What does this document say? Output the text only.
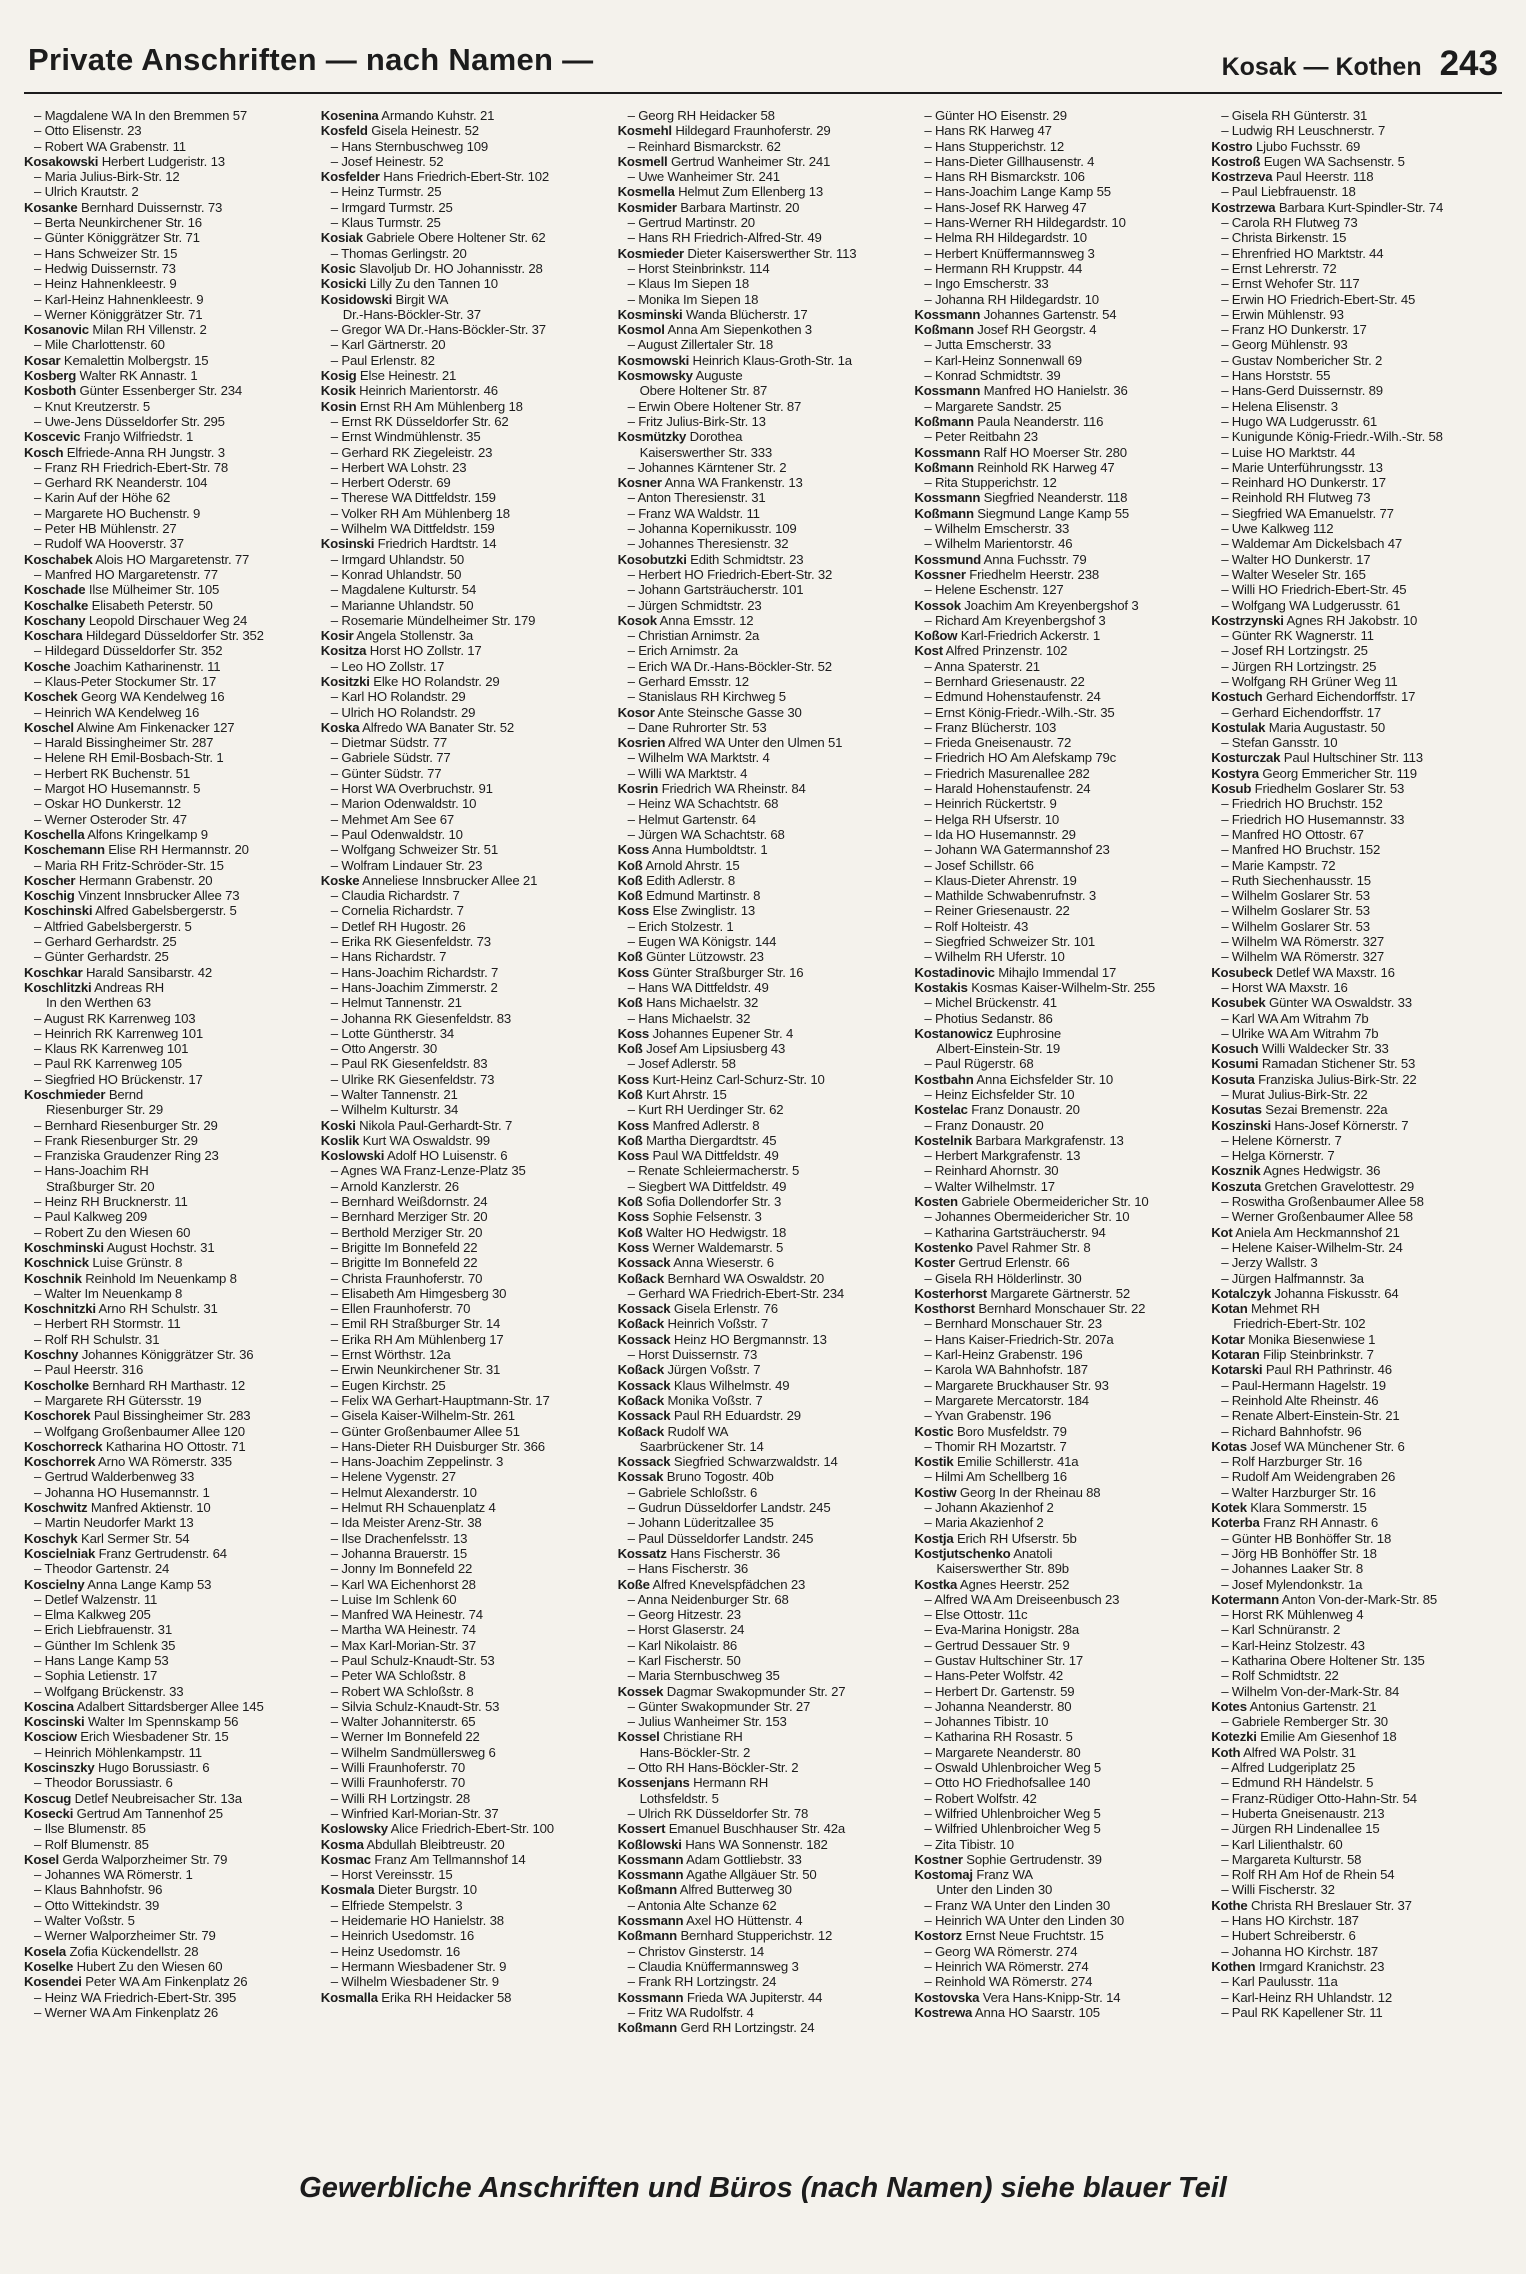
Private Anschriften — nach Namen —	Kosak — Kothen 243
– Magdalene WA In den Bremmen 57
– Otto Elisenstr. 23
– Robert WA Grabenstr. 11
Kosakowski Herbert Ludgeristr. 13
– Maria Julius-Birk-Str. 12
– Ulrich Krautstr. 2
Kosanke Bernhard Duissernstr. 73
– Berta Neunkirchener Str. 16
– Günter Königgrätzer Str. 71
– Hans Schweizer Str. 15
– Hedwig Duissernstr. 73
– Heinz Hahnenkleestr. 9
– Karl-Heinz Hahnenkleestr. 9
– Werner Königgrätzer Str. 71
Kosanovic Milan RH Villenstr. 2
– Mile Charlottenstr. 60
Kosar Kemalettin Molbergstr. 15
Kosberg Walter RK Annastr. 1
Kosboth Günter Essenberger Str. 234
– Knut Kreutzerstr. 5
– Uwe-Jens Düsseldorfer Str. 295
Koscevic Franjo Wilfriedstr. 1
Kosch Elfriede-Anna RH Jungstr. 3
– Franz RH Friedrich-Ebert-Str. 78
– Gerhard RK Neanderstr. 104
– Karin Auf der Höhe 62
– Margarete HO Buchenstr. 9
– Peter HB Mühlenstr. 27
– Rudolf WA Hooverstr. 37
Koschabek Alois HO Margaretenstr. 77
– Manfred HO Margaretenstr. 77
Koschade Ilse Mülheimer Str. 105
Koschalke Elisabeth Peterstr. 50
Koschany Leopold Dirschauer Weg 24
Koschara Hildegard Düsseldorfer Str. 352
– Hildegard Düsseldorfer Str. 352
Kosche Joachim Katharinenstr. 11
– Klaus-Peter Stockumer Str. 17
Koschek Georg WA Kendelweg 16
– Heinrich WA Kendelweg 16
Koschel Alwine Am Finkenacker 127
– Harald Bissingheimer Str. 287
– Helene RH Emil-Bosbach-Str. 1
– Herbert RK Buchenstr. 51
– Margot HO Husemannstr. 5
– Oskar HO Dunkerstr. 12
– Werner Osteroder Str. 47
Koschella Alfons Kringelkamp 9
Koschemann Elise RH Hermannstr. 20
– Maria RH Fritz-Schröder-Str. 15
Koscher Hermann Grabenstr. 20
Koschig Vinzent Innsbrucker Allee 73
Koschinski Alfred Gabelsbergerstr. 5
– Altfried Gabelsbergerstr. 5
– Gerhard Gerhardstr. 25
– Günter Gerhardstr. 25
Koschkar Harald Sansibarstr. 42
Koschlitzki Andreas RH
In den Werthen 63
– August RK Karrenweg 103
– Heinrich RK Karrenweg 101
– Klaus RK Karrenweg 101
– Paul RK Karrenweg 105
– Siegfried HO Brückenstr. 17
Koschmieder Bernd
Riesenburger Str. 29
– Bernhard Riesenburger Str. 29
– Frank Riesenburger Str. 29
– Franziska Graudenzer Ring 23
– Hans-Joachim RH
Straßburger Str. 20
– Heinz RH Brucknerstr. 11
– Paul Kalkweg 209
– Robert Zu den Wiesen 60
Koschminski August Hochstr. 31
Koschnick Luise Grünstr. 8
Koschnik Reinhold Im Neuenkamp 8
– Walter Im Neuenkamp 8
Koschnitzki Arno RH Schulstr. 31
– Herbert RH Stormstr. 11
– Rolf RH Schulstr. 31
Koschny Johannes Königgrätzer Str. 36
– Paul Heerstr. 316
Koscholke Bernhard RH Marthastr. 12
– Margarete RH Gütersstr. 19
Koschorek Paul Bissingheimer Str. 283
– Wolfgang Großenbaumer Allee 120
Koschorreck Katharina HO Ottostr. 71
Koschorrek Arno WA Römerstr. 335
– Gertrud Walderbenweg 33
– Johanna HO Husemannstr. 1
Koschwitz Manfred Aktienstr. 10
– Martin Neudorfer Markt 13
Koschyk Karl Sermer Str. 54
Koscielniak Franz Gertrudenstr. 64
– Theodor Gartenstr. 24
Koscielny Anna Lange Kamp 53
– Detlef Walzenstr. 11
– Elma Kalkweg 205
– Erich Liebfrauenstr. 31
– Günther Im Schlenk 35
– Hans Lange Kamp 53
– Sophia Letienstr. 17
– Wolfgang Brückenstr. 33
Koscina Adalbert Sittardsberger Allee 145
Koscinski Walter Im Spennskamp 56
Kosciow Erich Wiesbadener Str. 15
– Heinrich Möhlenkampstr. 11
Koscinszky Hugo Borussiastr. 6
– Theodor Borussiastr. 6
Koscug Detlef Neubreisacher Str. 13a
Kosecki Gertrud Am Tannenhof 25
– Ilse Blumenstr. 85
– Rolf Blumenstr. 85
Kosel Gerda Walporzheimer Str. 79
– Johannes WA Römerstr. 1
– Klaus Bahnhofstr. 96
– Otto Wittekindstr. 39
– Walter Voßstr. 5
– Werner Walporzheimer Str. 79
Kosela Zofia Kückendellstr. 28
Koselke Hubert Zu den Wiesen 60
Kosendei Peter WA Am Finkenplatz 26
– Heinz WA Friedrich-Ebert-Str. 395
– Werner WA Am Finkenplatz 26
Kosenina Armando Kuhstr. 21
Kosfeld Gisela Heinestr. 52
– Hans Sternbuschweg 109
– Josef Heinestr. 52
Kosfelder Hans Friedrich-Ebert-Str. 102
– Heinz Turmstr. 25
– Irmgard Turmstr. 25
– Klaus Turmstr. 25
Kosiak Gabriele Obere Holtener Str. 62
– Thomas Gerlingstr. 20
Kosic Slavoljub Dr. HO Johannisstr. 28
Kosicki Lilly Zu den Tannen 10
Kosidowski Birgit WA
Dr.-Hans-Böckler-Str. 37
– Gregor WA Dr.-Hans-Böckler-Str. 37
– Karl Gärtnerstr. 20
– Paul Erlenstr. 82
Kosig Else Heinestr. 21
Kosik Heinrich Marientorstr. 46
Kosin Ernst RH Am Mühlenberg 18
– Ernst RK Düsseldorfer Str. 62
– Ernst Windmühlenstr. 35
– Gerhard RK Ziegeleistr. 23
– Herbert WA Lohstr. 23
– Herbert Oderstr. 69
– Therese WA Dittfeldstr. 159
– Volker RH Am Mühlenberg 18
– Wilhelm WA Dittfeldstr. 159
Kosinski Friedrich Hardtstr. 14
– Irmgard Uhlandstr. 50
– Konrad Uhlandstr. 50
– Magdalene Kulturstr. 54
– Marianne Uhlandstr. 50
– Rosemarie Mündelheimer Str. 179
Kosir Angela Stollenstr. 3a
Kositza Horst HO Zollstr. 17
– Leo HO Zollstr. 17
Kositzki Elke HO Rolandstr. 29
– Karl HO Rolandstr. 29
– Ulrich HO Rolandstr. 29
Koska Alfredo WA Banater Str. 52
– Dietmar Südstr. 77
– Gabriele Südstr. 77
– Günter Südstr. 77
– Horst WA Overbruchstr. 91
– Marion Odenwaldstr. 10
– Mehmet Am See 67
– Paul Odenwaldstr. 10
– Wolfgang Schweizer Str. 51
– Wolfram Lindauer Str. 23
Koske Anneliese Innsbrucker Allee 21
– Claudia Richardstr. 7
– Cornelia Richardstr. 7
– Detlef RH Hugostr. 26
– Erika RK Giesenfeldstr. 73
– Hans Richardstr. 7
– Hans-Joachim Richardstr. 7
– Hans-Joachim Zimmerstr. 2
– Helmut Tannenstr. 21
– Johanna RK Giesenfeldstr. 83
– Lotte Güntherstr. 34
– Otto Angerstr. 30
– Paul RK Giesenfeldstr. 83
– Ulrike RK Giesenfeldstr. 73
– Walter Tannenstr. 21
– Wilhelm Kulturstr. 34
Koski Nikola Paul-Gerhardt-Str. 7
Koslik Kurt WA Oswaldstr. 99
Koslowski Adolf HO Luisenstr. 6
– Agnes WA Franz-Lenze-Platz 35
– Arnold Kanzlerstr. 26
– Bernhard Weißdornstr. 24
– Bernhard Merziger Str. 20
– Berthold Merziger Str. 20
– Brigitte Im Bonnefeld 22
– Brigitte Im Bonnefeld 22
– Christa Fraunhoferstr. 70
– Elisabeth Am Himgesberg 30
– Ellen Fraunhoferstr. 70
– Emil RH Straßburger Str. 14
– Erika RH Am Mühlenberg 17
– Ernst Wörthstr. 12a
– Erwin Neunkirchener Str. 31
– Eugen Kirchstr. 25
– Felix WA Gerhart-Hauptmann-Str. 17
– Gisela Kaiser-Wilhelm-Str. 261
– Günter Großenbaumer Allee 51
– Hans-Dieter RH Duisburger Str. 366
– Hans-Joachim Zeppelinstr. 3
– Helene Vygenstr. 27
– Helmut Alexanderstr. 10
– Helmut RH Schauenplatz 4
– Ida Meister Arenz-Str. 38
– Ilse Drachenfelsstr. 13
– Johanna Brauerstr. 15
– Jonny Im Bonnefeld 22
– Karl WA Eichenhorst 28
– Luise Im Schlenk 60
– Manfred WA Heinestr. 74
– Martha WA Heinestr. 74
– Max Karl-Morian-Str. 37
– Paul Schulz-Knaudt-Str. 53
– Peter WA Schloßstr. 8
– Robert WA Schloßstr. 8
– Silvia Schulz-Knaudt-Str. 53
– Walter Johanniterstr. 65
– Werner Im Bonnefeld 22
– Wilhelm Sandmüllersweg 6
– Willi Fraunhoferstr. 70
– Willi Fraunhoferstr. 70
– Willi RH Lortzingstr. 28
– Winfried Karl-Morian-Str. 37
Koslowsky Alice Friedrich-Ebert-Str. 100
Kosma Abdullah Bleibtreustr. 20
Kosmac Franz Am Tellmannshof 14
– Horst Vereinsstr. 15
Kosmala Dieter Burgstr. 10
– Elfriede Stempelstr. 3
– Heidemarie HO Hanielstr. 38
– Heinrich Usedomstr. 16
– Heinz Usedomstr. 16
– Hermann Wiesbadener Str. 9
– Wilhelm Wiesbadener Str. 9
Kosmalla Erika RH Heidacker 58
– Georg RH Heidacker 58
Kosmehl Hildegard Fraunhoferstr. 29
– Reinhard Bismarckstr. 62
Kosmell Gertrud Wanheimer Str. 241
– Uwe Wanheimer Str. 241
Kosmella Helmut Zum Ellenberg 13
Kosmider Barbara Martinstr. 20
– Gertrud Martinstr. 20
– Hans RH Friedrich-Alfred-Str. 49
Kosmieder Dieter Kaiserswerther Str. 113
– Horst Steinbrinkstr. 114
– Klaus Im Siepen 18
– Monika Im Siepen 18
Kosminski Wanda Blücherstr. 17
Kosmol Anna Am Siepenkothen 3
– August Zillertaler Str. 18
Kosmowski Heinrich Klaus-Groth-Str. 1a
Kosmowsky Auguste
Obere Holtener Str. 87
– Erwin Obere Holtener Str. 87
– Fritz Julius-Birk-Str. 13
Kosmützky Dorothea
Kaiserswerther Str. 333
– Johannes Kärntener Str. 2
Kosner Anna WA Frankenstr. 13
– Anton Theresienstr. 31
– Franz WA Waldstr. 11
– Johanna Kopernikusstr. 109
– Johannes Theresienstr. 32
Kosobutzki Edith Schmidtstr. 23
– Herbert HO Friedrich-Ebert-Str. 32
– Johann Gartsträucherstr. 101
– Jürgen Schmidtstr. 23
Kosok Anna Emsstr. 12
– Christian Arnimstr. 2a
– Erich Arnimstr. 2a
– Erich WA Dr.-Hans-Böckler-Str. 52
– Gerhard Emsstr. 12
– Stanislaus RH Kirchweg 5
Kosor Ante Steinsche Gasse 30
– Dane Ruhrorter Str. 53
Kosrien Alfred WA Unter den Ulmen 51
– Wilhelm WA Marktstr. 4
– Willi WA Marktstr. 4
Kosrin Friedrich WA Rheinstr. 84
– Heinz WA Schachtstr. 68
– Helmut Gartenstr. 64
– Jürgen WA Schachtstr. 68
Koss Anna Humboldtstr. 1
Koß Arnold Ahrstr. 15
Koß Edith Adlerstr. 8
Koß Edmund Martinstr. 8
Koss Else Zwinglistr. 13
– Erich Stolzestr. 1
– Eugen WA Königstr. 144
Koß Günter Lützowstr. 23
Koss Günter Straßburger Str. 16
– Hans WA Dittfeldstr. 49
Koß Hans Michaelstr. 32
– Hans Michaelstr. 32
Koss Johannes Eupener Str. 4
Koß Josef Am Lipsiusberg 43
– Josef Adlerstr. 58
Koss Kurt-Heinz Carl-Schurz-Str. 10
Koß Kurt Ahrstr. 15
– Kurt RH Uerdinger Str. 62
Koss Manfred Adlerstr. 8
Koß Martha Diergardtstr. 45
Koss Paul WA Dittfeldstr. 49
– Renate Schleiermacherstr. 5
– Siegbert WA Dittfeldstr. 49
Koß Sofia Dollendorfer Str. 3
Koss Sophie Felsenstr. 3
Koß Walter HO Hedwigstr. 18
Koss Werner Waldemarstr. 5
Kossack Anna Wieserstr. 6
Koßack Bernhard WA Oswaldstr. 20
– Gerhard WA Friedrich-Ebert-Str. 234
Kossack Gisela Erlenstr. 76
Koßack Heinrich Voßstr. 7
Kossack Heinz HO Bergmannstr. 13
– Horst Duissernstr. 73
Koßack Jürgen Voßstr. 7
Kossack Klaus Wilhelmstr. 49
Koßack Monika Voßstr. 7
Kossack Paul RH Eduardstr. 29
Koßack Rudolf WA
Saarbrückener Str. 14
Kossack Siegfried Schwarzwaldstr. 14
Kossak Bruno Togostr. 40b
– Gabriele Schloßstr. 6
– Gudrun Düsseldorfer Landstr. 245
– Johann Lüderitzallee 35
– Paul Düsseldorfer Landstr. 245
Kossatz Hans Fischerstr. 36
– Hans Fischerstr. 36
Koße Alfred Knevelspfädchen 23
– Anna Neidenburger Str. 68
– Georg Hitzestr. 23
– Horst Glaserstr. 24
– Karl Nikolaistr. 86
– Karl Fischerstr. 50
– Maria Sternbuschweg 35
Kossek Dagmar Swakopmunder Str. 27
– Günter Swakopmunder Str. 27
– Julius Wanheimer Str. 153
Kossel Christiane RH
Hans-Böckler-Str. 2
– Otto RH Hans-Böckler-Str. 2
Kossenjans Hermann RH
Lothsfeldstr. 5
– Ulrich RK Düsseldorfer Str. 78
Kossert Emanuel Buschhauser Str. 42a
Koßlowski Hans WA Sonnenstr. 182
Kossmann Adam Gottliebstr. 33
Kossmann Agathe Allgäuer Str. 50
Koßmann Alfred Butterweg 30
– Antonia Alte Schanze 62
Kossmann Axel HO Hüttenstr. 4
Koßmann Bernhard Stupperichstr. 12
– Christov Ginsterstr. 14
– Claudia Knüffermannsweg 3
– Frank RH Lortzingstr. 24
Kossmann Frieda WA Jupiterstr. 44
– Fritz WA Rudolfstr. 4
Koßmann Gerd RH Lortzingstr. 24
– Günter HO Eisenstr. 29
– Hans RK Harweg 47
– Hans Stupperichstr. 12
– Hans-Dieter Gillhausenstr. 4
– Hans RH Bismarckstr. 106
– Hans-Joachim Lange Kamp 55
– Hans-Josef RK Harweg 47
– Hans-Werner RH Hildegardstr. 10
– Helma RH Hildegardstr. 10
– Herbert Knüffermannsweg 3
– Hermann RH Kruppstr. 44
– Ingo Emscherstr. 33
– Johanna RH Hildegardstr. 10
Kossmann Johannes Gartenstr. 54
Koßmann Josef RH Georgstr. 4
– Jutta Emscherstr. 33
– Karl-Heinz Sonnenwall 69
– Konrad Schmidtstr. 39
Kossmann Manfred HO Hanielstr. 36
– Margarete Sandstr. 25
Koßmann Paula Neanderstr. 116
– Peter Reitbahn 23
Kossmann Ralf HO Moerser Str. 280
Koßmann Reinhold RK Harweg 47
– Rita Stupperichstr. 12
Kossmann Siegfried Neanderstr. 118
Koßmann Siegmund Lange Kamp 55
– Wilhelm Emscherstr. 33
– Wilhelm Marientorstr. 46
Kossmund Anna Fuchsstr. 79
Kossner Friedhelm Heerstr. 238
– Helene Eschenstr. 127
Kossok Joachim Am Kreyenbergshof 3
– Richard Am Kreyenbergshof 3
Koßow Karl-Friedrich Ackerstr. 1
Kost Alfred Prinzenstr. 102
– Anna Spaterstr. 21
– Bernhard Griesenaustr. 22
– Edmund Hohenstaufenstr. 24
– Ernst König-Friedr.-Wilh.-Str. 35
– Franz Blücherstr. 103
– Frieda Gneisenaustr. 72
– Friedrich HO Am Alefskamp 79c
– Friedrich Masurenallee 282
– Harald Hohenstaufenstr. 24
– Heinrich Rückertstr. 9
– Helga RH Ufserstr. 10
– Ida HO Husemannstr. 29
– Johann WA Gatermannshof 23
– Josef Schillstr. 66
– Klaus-Dieter Ahrenstr. 19
– Mathilde Schwabenrufnstr. 3
– Reiner Griesenaustr. 22
– Rolf Holteistr. 43
– Siegfried Schweizer Str. 101
– Wilhelm RH Uferstr. 10
Kostadinovic Mihajlo Immendal 17
Kostakis Kosmas Kaiser-Wilhelm-Str. 255
– Michel Brückenstr. 41
– Photius Sedanstr. 86
Kostanowicz Euphrosine
Albert-Einstein-Str. 19
– Paul Rügerstr. 68
Kostbahn Anna Eichsfelder Str. 10
– Heinz Eichsfelder Str. 10
Kostelac Franz Donaustr. 20
– Franz Donaustr. 20
Kostelnik Barbara Markgrafenstr. 13
– Herbert Markgrafenstr. 13
– Reinhard Ahornstr. 30
– Walter Wilhelmstr. 17
Kosten Gabriele Obermeidericher Str. 10
– Johannes Obermeidericher Str. 10
– Katharina Gartsträucherstr. 94
Kostenko Pavel Rahmer Str. 8
Koster Gertrud Erlenstr. 66
– Gisela RH Hölderlinstr. 30
Kosterhorst Margarete Gärtnerstr. 52
Kosthorst Bernhard Monschauer Str. 22
– Bernhard Monschauer Str. 23
– Hans Kaiser-Friedrich-Str. 207a
– Karl-Heinz Grabenstr. 196
– Karola WA Bahnhofstr. 187
– Margarete Bruckhauser Str. 93
– Margarete Mercatorstr. 184
– Yvan Grabenstr. 196
Kostic Boro Musfeldstr. 79
– Thomir RH Mozartstr. 7
Kostik Emilie Schillerstr. 41a
– Hilmi Am Schellberg 16
Kostiw Georg In der Rheinau 88
– Johann Akazienhof 2
– Maria Akazienhof 2
Kostja Erich RH Ufserstr. 5b
Kostjutschenko Anatoli
Kaiserswerther Str. 89b
Kostka Agnes Heerstr. 252
– Alfred WA Am Dreiseenbusch 23
– Else Ottostr. 11c
– Eva-Marina Honigstr. 28a
– Gertrud Dessauer Str. 9
– Gustav Hultschiner Str. 17
– Hans-Peter Wolfstr. 42
– Herbert Dr. Gartenstr. 59
– Johanna Neanderstr. 80
– Johannes Tibistr. 10
– Katharina RH Rosastr. 5
– Margarete Neanderstr. 80
– Oswald Uhlenbroicher Weg 5
– Otto HO Friedhofsallee 140
– Robert Wolfstr. 42
– Wilfried Uhlenbroicher Weg 5
– Wilfried Uhlenbroicher Weg 5
– Zita Tibistr. 10
Kostner Sophie Gertrudenstr. 39
Kostomaj Franz WA
Unter den Linden 30
– Franz WA Unter den Linden 30
– Heinrich WA Unter den Linden 30
Kostorz Ernst Neue Fruchtstr. 15
– Georg WA Römerstr. 274
– Heinrich WA Römerstr. 274
– Reinhold WA Römerstr. 274
Kostovska Vera Hans-Knipp-Str. 14
Kostrewa Anna HO Saarstr. 105
– Gisela RH Günterstr. 31
– Ludwig RH Leuschnerstr. 7
Kostro Ljubo Fuchsstr. 69
Kostroß Eugen WA Sachsenstr. 5
Kostrzeva Paul Heerstr. 118
– Paul Liebfrauenstr. 18
Kostrzewa Barbara Kurt-Spindler-Str. 74
– Carola RH Flutweg 73
– Christa Birkenstr. 15
– Ehrenfried HO Marktstr. 44
– Ernst Lehrerstr. 72
– Ernst Wehofer Str. 117
– Erwin HO Friedrich-Ebert-Str. 45
– Erwin Mühlenstr. 93
– Franz HO Dunkerstr. 17
– Georg Mühlenstr. 93
– Gustav Nombericher Str. 2
– Hans Horststr. 55
– Hans-Gerd Duissernstr. 89
– Helena Elisenstr. 3
– Hugo WA Ludgerusstr. 61
– Kunigunde König-Friedr.-Wilh.-Str. 58
– Luise HO Marktstr. 44
– Marie Unterführungsstr. 13
– Reinhard HO Dunkerstr. 17
– Reinhold RH Flutweg 73
– Siegfried WA Emanuelstr. 77
– Uwe Kalkweg 112
– Waldemar Am Dickelsbach 47
– Walter HO Dunkerstr. 17
– Walter Weseler Str. 165
– Willi HO Friedrich-Ebert-Str. 45
– Wolfgang WA Ludgerusstr. 61
Kostrzynski Agnes RH Jakobstr. 10
– Günter RK Wagnerstr. 11
– Josef RH Lortzingstr. 25
– Jürgen RH Lortzingstr. 25
– Wolfgang RH Grüner Weg 11
Kostuch Gerhard Eichendorffstr. 17
– Gerhard Eichendorffstr. 17
Kostulak Maria Augustastr. 50
– Stefan Gansstr. 10
Kosturczak Paul Hultschiner Str. 113
Kostyra Georg Emmericher Str. 119
Kosub Friedhelm Goslarer Str. 53
– Friedrich HO Bruchstr. 152
– Friedrich HO Husemannstr. 33
– Manfred HO Ottostr. 67
– Manfred HO Bruchstr. 152
– Marie Kampstr. 72
– Ruth Siechenhausstr. 15
– Wilhelm Goslarer Str. 53
– Wilhelm Goslarer Str. 53
– Wilhelm Goslarer Str. 53
– Wilhelm WA Römerstr. 327
– Wilhelm WA Römerstr. 327
Kosubeck Detlef WA Maxstr. 16
– Horst WA Maxstr. 16
Kosubek Günter WA Oswaldstr. 33
– Karl WA Am Witrahm 7b
– Ulrike WA Am Witrahm 7b
Kosuch Willi Waldecker Str. 33
Kosumi Ramadan Stichener Str. 53
Kosuta Franziska Julius-Birk-Str. 22
– Murat Julius-Birk-Str. 22
Kosutas Sezai Bremenstr. 22a
Koszinski Hans-Josef Körnerstr. 7
– Helene Körnerstr. 7
– Helga Körnerstr. 7
Kosznik Agnes Hedwigstr. 36
Koszuta Gretchen Gravelottestr. 29
– Roswitha Großenbaumer Allee 58
– Werner Großenbaumer Allee 58
Kot Aniela Am Heckmannshof 21
– Helene Kaiser-Wilhelm-Str. 24
– Jerzy Wallstr. 3
– Jürgen Halfmannstr. 3a
Kotalczyk Johanna Fiskusstr. 64
Kotan Mehmet RH
Friedrich-Ebert-Str. 102
Kotar Monika Biesenwiese 1
Kotaran Filip Steinbrinkstr. 7
Kotarski Paul RH Pathrinstr. 46
– Paul-Hermann Hagelstr. 19
– Reinhold Alte Rheinstr. 46
– Renate Albert-Einstein-Str. 21
– Richard Bahnhofstr. 96
Kotas Josef WA Münchener Str. 6
– Rolf Harzburger Str. 16
– Rudolf Am Weidengraben 26
– Walter Harzburger Str. 16
Kotek Klara Sommerstr. 15
Koterba Franz RH Annastr. 6
– Günter HB Bonhöffer Str. 18
– Jörg HB Bonhöffer Str. 18
– Johannes Laaker Str. 8
– Josef Mylendonkstr. 1a
Kotermann Anton Von-der-Mark-Str. 85
– Horst RK Mühlenweg 4
– Karl Schnüranstr. 2
– Karl-Heinz Stolzestr. 43
– Katharina Obere Holtener Str. 135
– Rolf Schmidtstr. 22
– Wilhelm Von-der-Mark-Str. 84
Kotes Antonius Gartenstr. 21
– Gabriele Remberger Str. 30
Kotezki Emilie Am Giesenhof 18
Koth Alfred WA Polstr. 31
– Alfred Ludgeriplatz 25
– Edmund RH Händelstr. 5
– Franz-Rüdiger Otto-Hahn-Str. 54
– Huberta Gneisenaustr. 213
– Jürgen RH Lindenallee 15
– Karl Lilienthalstr. 60
– Margareta Kulturstr. 58
– Rolf RH Am Hof de Rhein 54
– Willi Fischerstr. 32
Kothe Christa RH Breslauer Str. 37
– Hans HO Kirchstr. 187
– Hubert Schreiberstr. 6
– Johanna HO Kirchstr. 187
Kothen Irmgard Kranichstr. 23
– Karl Paulusstr. 11a
– Karl-Heinz RH Uhlandstr. 12
– Paul RK Kapellener Str. 11
Gewerbliche Anschriften und Büros (nach Namen) siehe blauer Teil
